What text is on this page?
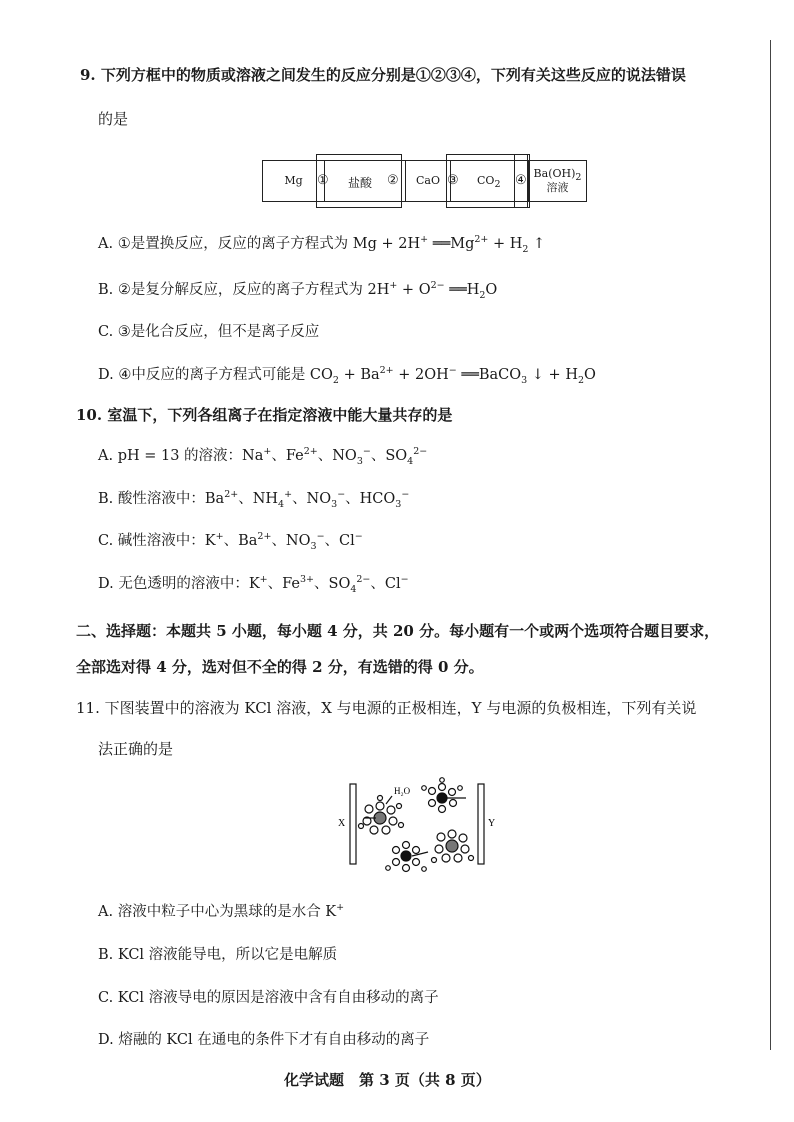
9. 下列方框中的物质或溶液之间发生的反应分别是①②③④，下列有关这些反应的说法错误
的是
Mg	CaO
$Ba(OH)_2$
溶液
① 盐酸 ②	③ $CO_2$ ④
A. ①是置换反应，反应的离子方程式为 Mg + 2H+ $══Mg^{2+} + H_2$ ↑
B. ②是复分解反应，反应的离子方程式为 $2H^+ + O^{2-}$ $══H_2O$
C. ③是化合反应，但不是离子反应
D. ④中反应的离子方程式可能是 $CO_2 + Ba^{2+} + 2OH^-$ ══BaCO$_3$ ↓ + $H_2O$
10. 室温下，下列各组离子在指定溶液中能大量共存的是
A. pH = 13 的溶液：Na+、$Fe^{2+}$、$NO_3^-$、$SO_4^{2-}$
B. 酸性溶液中：$Ba^{2+}$、$NH_4^+$、$NO_3^-$、$HCO_3^-$
C. 碱性溶液中：K+、$Ba^{2+}$、$NO_3^-$、Cl−
D. 无色透明的溶液中：K+、$Fe^{3+}$、$SO_4^{2-}$、Cl−
二、选择题：本题共 5 小题，每小题 4 分，共 20 分。每小题有一个或两个选项符合题目要求，
全部选对得 4 分，选对但不全的得 2 分，有选错的得 0 分。
11. 下图装置中的溶液为 KCl 溶液，X 与电源的正极相连，Y 与电源的负极相连，下列有关说
法正确的是
X	Y
H₂O
A. 溶液中粒子中心为黑球的是水合 K+
B. KCl 溶液能导电，所以它是电解质
C. KCl 溶液导电的原因是溶液中含有自由移动的离子
D. 熔融的 KCl 在通电的条件下才有自由移动的离子
化学试题　第 3 页（共 8 页）
